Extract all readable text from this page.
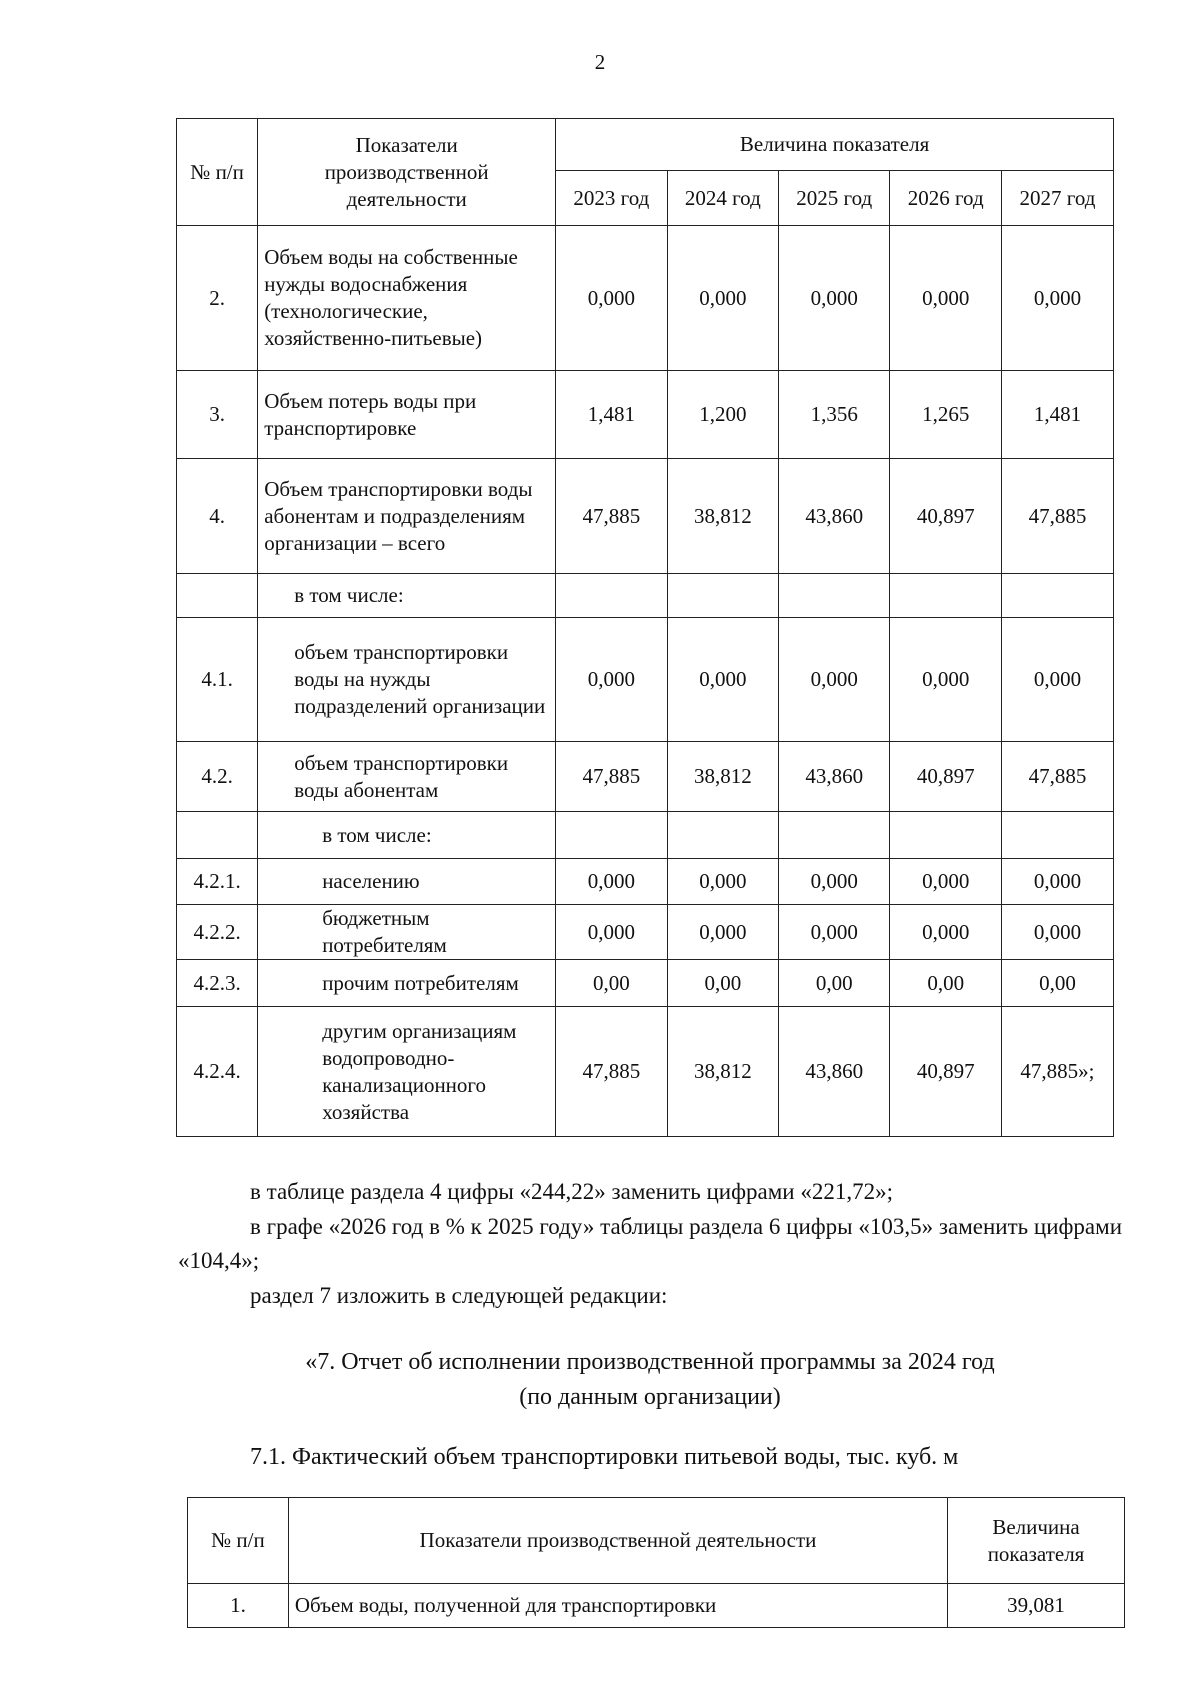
2
№ п/п	Показатели производственной деятельности	Величина показателя				
		2023 год	2024 год	2025 год	2026 год	2027 год
2.	Объем воды на собственные нужды водоснабжения (технологические, хозяйственно-питьевые)	0,000	0,000	0,000	0,000	0,000
3.	Объем потерь воды при транспортировке	1,481	1,200	1,356	1,265	1,481
4.	Объем транспортировки воды абонентам и подразделениям организации – всего	47,885	38,812	43,860	40,897	47,885
	в том числе:					
4.1.	объем транспортировки воды на нужды подразделений организации	0,000	0,000	0,000	0,000	0,000
4.2.	объем транспортировки воды абонентам	47,885	38,812	43,860	40,897	47,885
	в том числе:					
4.2.1.	населению	0,000	0,000	0,000	0,000	0,000
4.2.2.	бюджетным потребителям	0,000	0,000	0,000	0,000	0,000
4.2.3.	прочим потребителям	0,00	0,00	0,00	0,00	0,00
4.2.4.	другим организациям водопроводно-канализационного хозяйства	47,885	38,812	43,860	40,897	47,885»;
в таблице раздела 4 цифры «244,22» заменить цифрами «221,72»;
в графе «2026 год в % к 2025 году» таблицы раздела 6 цифры «103,5» заменить цифрами «104,4»;
раздел 7 изложить в следующей редакции:
«7. Отчет об исполнении производственной программы за 2024 год
(по данным организации)
7.1. Фактический объем транспортировки питьевой воды, тыс. куб. м
№ п/п	Показатели производственной деятельности	Величина показателя
1.	Объем воды, полученной для транспортировки	39,081
